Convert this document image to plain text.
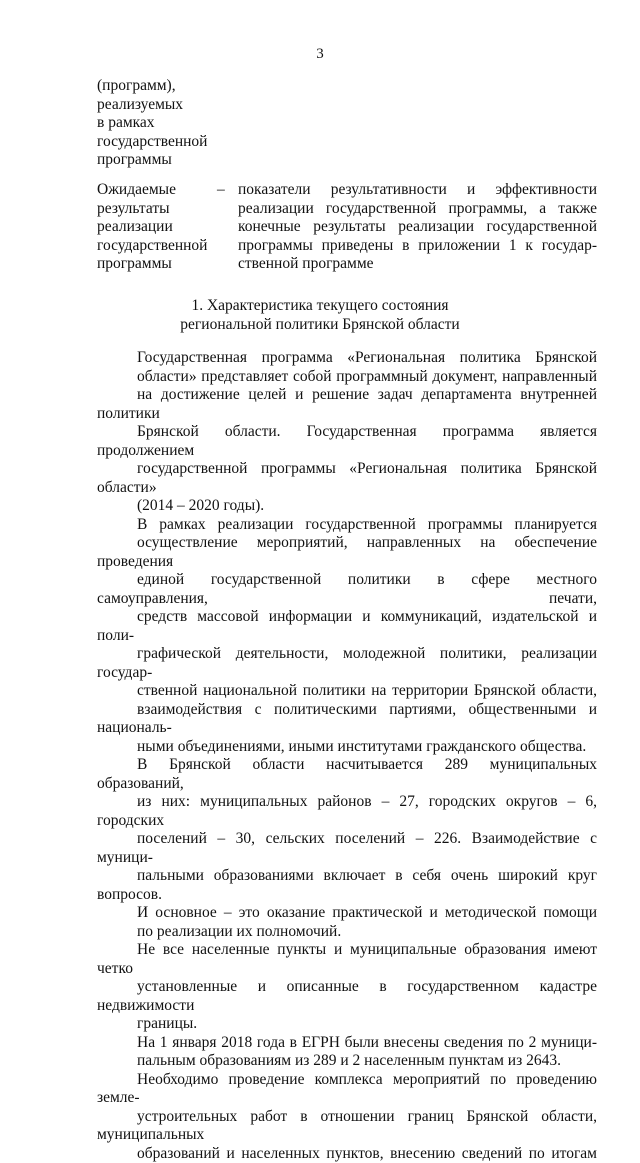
3
(программ),
реализуемых
в рамках
государственной
программы
Ожидаемые
результаты
реализации
государственной
программы
– показатели результативности и эффективности
реализации государственной программы, а также
конечные результаты реализации государственной
программы приведены в приложении 1 к государ-
ственной программе
1. Характеристика текущего состояния
региональной политики Брянской области

Государственная программа «Региональная политика Брянской
области» представляет собой программный документ, направленный
на достижение целей и решение задач департамента внутренней политики
Брянской области. Государственная программа является продолжением
государственной программы «Региональная политика Брянской области»
(2014 – 2020 годы).

В рамках реализации государственной программы планируется
осуществление мероприятий, направленных на обеспечение проведения
единой государственной политики в сфере местного самоуправления, печати,
средств массовой информации и коммуникаций, издательской и поли-
графической деятельности, молодежной политики, реализации государ-
ственной национальной политики на территории Брянской области,
взаимодействия с политическими партиями, общественными и националь-
ными объединениями, иными институтами гражданского общества.

В Брянской области насчитывается 289 муниципальных образований,
из них: муниципальных районов – 27, городских округов – 6, городских
поселений – 30, сельских поселений – 226. Взаимодействие с муници-
пальными образованиями включает в себя очень широкий круг вопросов.
И основное – это оказание практической и методической помощи
по реализации их полномочий.

Не все населенные пункты и муниципальные образования имеют четко
установленные и описанные в государственном кадастре недвижимости
границы.

На 1 января 2018 года в ЕГРН были внесены сведения по 2 муници-
пальным образованиям из 289 и 2 населенным пунктам из 2643.

Необходимо проведение комплекса мероприятий по проведению земле-
устроительных работ в отношении границ Брянской области, муниципальных
образований и населенных пунктов, внесению сведений по итогам
